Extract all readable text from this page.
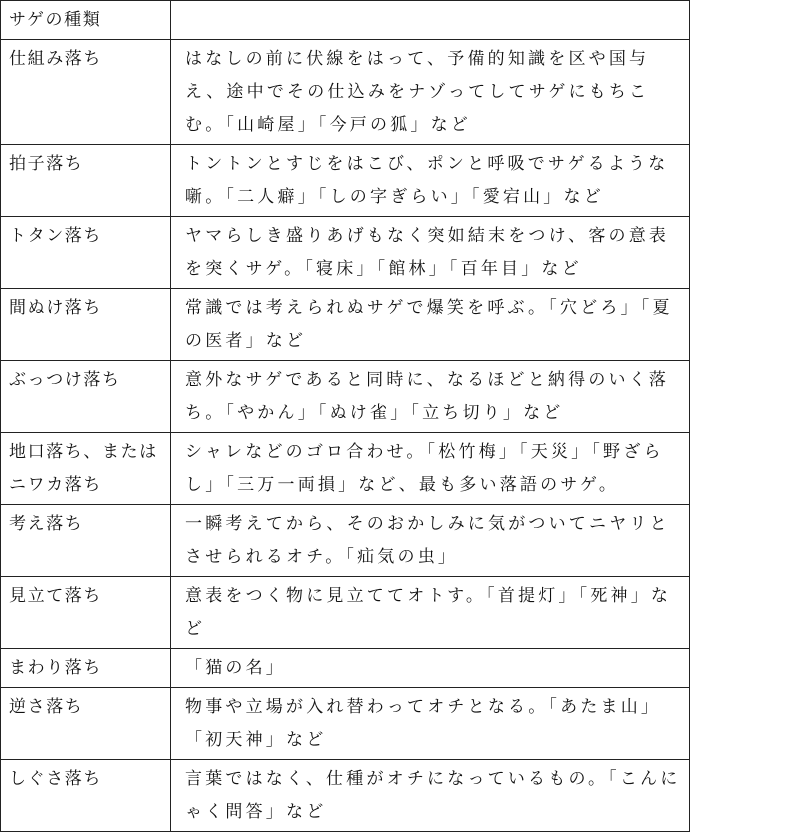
サゲの種類	
仕組み落ち	はなしの前に伏線をはって、予備的知識を区や国与え、途中でその仕込みをナゾってしてサゲにもちこむ。「山崎屋」「今戸の狐」など
拍子落ち	トントンとすじをはこび、ポンと呼吸でサゲるような噺。「二人癖」「しの字ぎらい」「愛宕山」など
トタン落ち	ヤマらしき盛りあげもなく突如結末をつけ、客の意表を突くサゲ。「寝床」「館林」「百年目」など
間ぬけ落ち	常識では考えられぬサゲで爆笑を呼ぶ。「穴どろ」「夏の医者」など
ぶっつけ落ち	意外なサゲであると同時に、なるほどと納得のいく落ち。「やかん」「ぬけ雀」「立ち切り」など
地口落ち、またはニワカ落ち	シャレなどのゴロ合わせ。「松竹梅」「天災」「野ざらし」「三万一両損」など、最も多い落語のサゲ。
考え落ち	一瞬考えてから、そのおかしみに気がついてニヤリとさせられるオチ。「疝気の虫」
見立て落ち	意表をつく物に見立ててオトす。「首提灯」「死神」など
まわり落ち	「猫の名」
逆さ落ち	物事や立場が入れ替わってオチとなる。「あたま山」「初天神」など
しぐさ落ち	言葉ではなく、仕種がオチになっているもの。「こんにゃく問答」など
